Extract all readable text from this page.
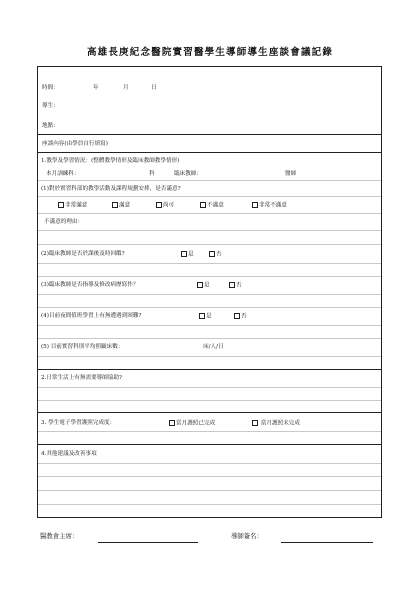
高雄長庚紀念醫院實習醫學生導師導生座談會議記錄
時間：	年	月	日
導生：
地點：
座談內容(由學員自行填寫)
1.教學及學習情況：(整體教學情形及臨床教師教學情形)
本月訓練科：	科	臨床教師：	醫師
(1)對於實習科部的教學活動及課程規劃安排，是否滿意?
非常滿意	滿意	尚可	不滿意	非常不滿意
不滿意的理由：
(2)臨床教師是否於課後及時回饋?	是	否
(3)臨床教師是否指導及修改病歷寫作？	是	否
(4)目前夜間值班學習上有無遭遇到困難?	是	否
(5) 目前實習科別平均照顧床數：	床/人/日
2.日常生活上有無需要導師協助?
3. 學生電子學習護照完成度：	當月護照已完成	當月護照未完成
4.其他建議及改善事項
醫教會主席：	導師簽名：
